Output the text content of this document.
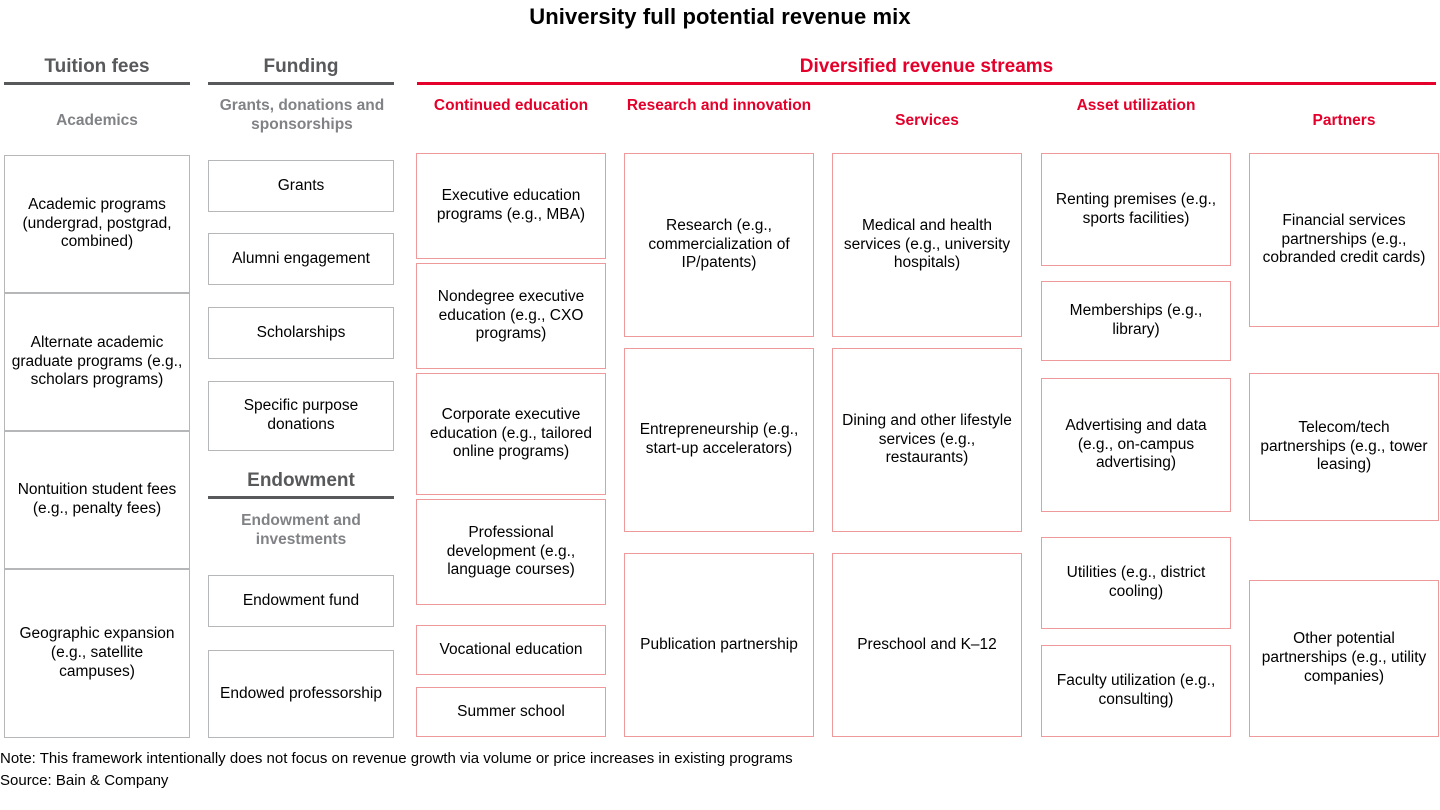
University full potential revenue mix
Tuition fees	Funding
Endowment
Diversified revenue streams
Academics
Grants, donations and sponsorships
Endowment and investments
Continued education	Research and innovation
Services
Asset utilization
Partners
Academic programs (undergrad, postgrad, combined)
Alternate academic graduate programs (e.g., scholars programs)
Nontuition student fees (e.g., penalty fees)
Geographic expansion (e.g., satellite campuses)
Grants
Alumni engagement
Scholarships
Specific purpose donations
Endowment fund
Endowed professorship
Executive education programs (e.g., MBA)
Nondegree executive education (e.g., CXO programs)
Corporate executive education (e.g., tailored online programs)
Professional development (e.g., language courses)
Vocational education
Summer school
Research (e.g., commercialization of IP/patents)
Entrepreneurship (e.g., start-up accelerators)
Publication partnership
Medical and health services (e.g., university hospitals)
Dining and other lifestyle services (e.g., restaurants)
Preschool and K–12
Renting premises (e.g., sports facilities)
Memberships (e.g., library)
Advertising and data (e.g., on-campus advertising)
Utilities (e.g., district cooling)
Faculty utilization (e.g., consulting)
Financial services partnerships (e.g., cobranded credit cards)
Telecom/tech partnerships (e.g., tower leasing)
Other potential partnerships (e.g., utility companies)
Note: This framework intentionally does not focus on revenue growth via volume or price increases in existing programs
Source: Bain & Company
